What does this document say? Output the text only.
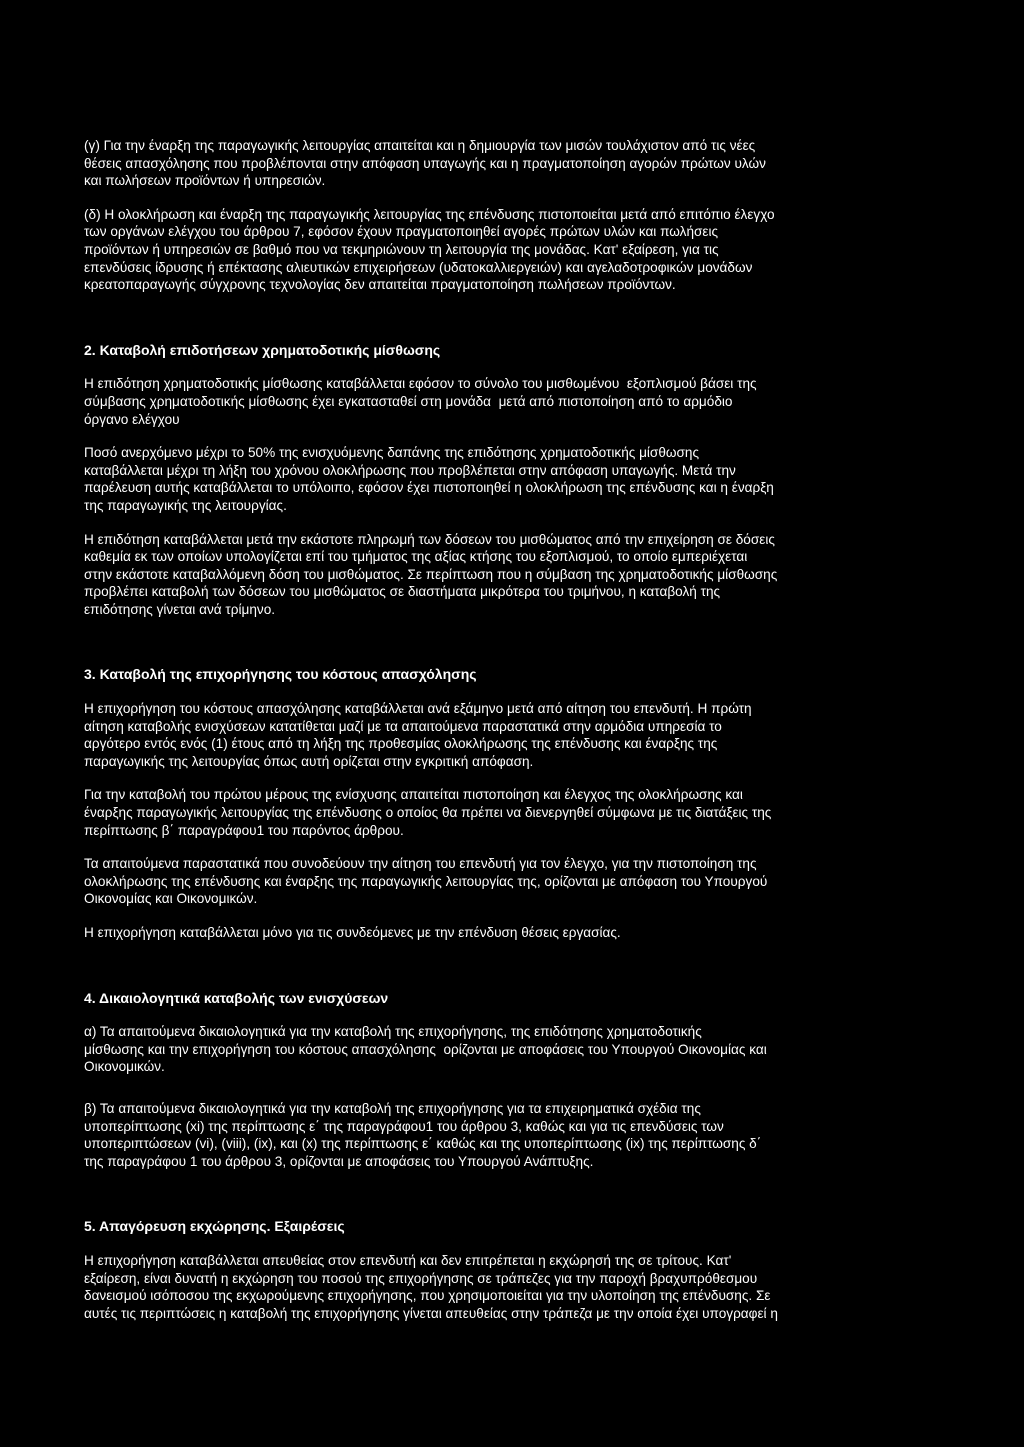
(γ) Για την έναρξη της παραγωγικής λειτουργίας απαιτείται και η δημιουργία των μισών τουλάχιστον από τις νέες
θέσεις απασχόλησης που προβλέπονται στην απόφαση υπαγωγής και η πραγματοποίηση αγορών πρώτων υλών
και πωλήσεων προϊόντων ή υπηρεσιών.

(δ) Η ολοκλήρωση και έναρξη της παραγωγικής λειτουργίας της επένδυσης πιστοποιείται μετά από επιτόπιο έλεγχο
των οργάνων ελέγχου του άρθρου 7, εφόσον έχουν πραγματοποιηθεί αγορές πρώτων υλών και πωλήσεις
προϊόντων ή υπηρεσιών σε βαθμό που να τεκμηριώνουν τη λειτουργία της μονάδας. Κατ' εξαίρεση, για τις
επενδύσεις ίδρυσης ή επέκτασης αλιευτικών επιχειρήσεων (υδατοκαλλιεργειών) και αγελαδοτροφικών μονάδων
κρεατοπαραγωγής σύγχρονης τεχνολογίας δεν απαιτείται πραγματοποίηση πωλήσεων προϊόντων.

2. Καταβολή επιδοτήσεων χρηματοδοτικής μίσθωσης

Η επιδότηση χρηματοδοτικής μίσθωσης καταβάλλεται εφόσον το σύνολο του μισθωμένου  εξοπλισμού βάσει της
σύμβασης χρηματοδοτικής μίσθωσης έχει εγκατασταθεί στη μονάδα  μετά από πιστοποίηση από το αρμόδιο
όργανο ελέγχου

Ποσό ανερχόμενο μέχρι το 50% της ενισχυόμενης δαπάνης της επιδότησης χρηματοδοτικής μίσθωσης
καταβάλλεται μέχρι τη λήξη του χρόνου ολοκλήρωσης που προβλέπεται στην απόφαση υπαγωγής. Μετά την
παρέλευση αυτής καταβάλλεται το υπόλοιπο, εφόσον έχει πιστοποιηθεί η ολοκλήρωση της επένδυσης και η έναρξη
της παραγωγικής της λειτουργίας.

Η επιδότηση καταβάλλεται μετά την εκάστοτε πληρωμή των δόσεων του μισθώματος από την επιχείρηση σε δόσεις
καθεμία εκ των οποίων υπολογίζεται επί του τμήματος της αξίας κτήσης του εξοπλισμού, το οποίο εμπεριέχεται
στην εκάστοτε καταβαλλόμενη δόση του μισθώματος. Σε περίπτωση που η σύμβαση της χρηματοδοτικής μίσθωσης
προβλέπει καταβολή των δόσεων του μισθώματος σε διαστήματα μικρότερα του τριμήνου, η καταβολή της
επιδότησης γίνεται ανά τρίμηνο.

3. Καταβολή της επιχορήγησης του κόστους απασχόλησης

Η επιχορήγηση του κόστους απασχόλησης καταβάλλεται ανά εξάμηνο μετά από αίτηση του επενδυτή. Η πρώτη
αίτηση καταβολής ενισχύσεων κατατίθεται μαζί με τα απαιτούμενα παραστατικά στην αρμόδια υπηρεσία το
αργότερο εντός ενός (1) έτους από τη λήξη της προθεσμίας ολοκλήρωσης της επένδυσης και έναρξης της
παραγωγικής της λειτουργίας όπως αυτή ορίζεται στην εγκριτική απόφαση.

Για την καταβολή του πρώτου μέρους της ενίσχυσης απαιτείται πιστοποίηση και έλεγχος της ολοκλήρωσης και
έναρξης παραγωγικής λειτουργίας της επένδυσης ο οποίος θα πρέπει να διενεργηθεί σύμφωνα με τις διατάξεις της
περίπτωσης β΄ παραγράφου1 του παρόντος άρθρου.

Τα απαιτούμενα παραστατικά που συνοδεύουν την αίτηση του επενδυτή για τον έλεγχο, για την πιστοποίηση της
ολοκλήρωσης της επένδυσης και έναρξης της παραγωγικής λειτουργίας της, ορίζονται με απόφαση του Υπουργού
Οικονομίας και Οικονομικών.

Η επιχορήγηση καταβάλλεται μόνο για τις συνδεόμενες με την επένδυση θέσεις εργασίας.

4. Δικαιολογητικά καταβολής των ενισχύσεων

α) Τα απαιτούμενα δικαιολογητικά για την καταβολή της επιχορήγησης, της επιδότησης χρηματοδοτικής
μίσθωσης και την επιχορήγηση του κόστους απασχόλησης  ορίζονται με αποφάσεις του Υπουργού Οικονομίας και
Οικονομικών.

β) Τα απαιτούμενα δικαιολογητικά για την καταβολή της επιχορήγησης για τα επιχειρηματικά σχέδια της
υποπερίπτωσης (xi) της περίπτωσης ε΄ της παραγράφου1 του άρθρου 3, καθώς και για τις επενδύσεις των
υποπεριπτώσεων (vi), (viii), (ix), και (x) της περίπτωσης ε΄ καθώς και της υποπερίπτωσης (ix) της περίπτωσης δ΄
της παραγράφου 1 του άρθρου 3, ορίζονται με αποφάσεις του Υπουργού Ανάπτυξης.

5. Απαγόρευση εκχώρησης. Εξαιρέσεις

Η επιχορήγηση καταβάλλεται απευθείας στον επενδυτή και δεν επιτρέπεται η εκχώρησή της σε τρίτους. Κατ'
εξαίρεση, είναι δυνατή η εκχώρηση του ποσού της επιχορήγησης σε τράπεζες για την παροχή βραχυπρόθεσμου
δανεισμού ισόποσου της εκχωρούμενης επιχορήγησης, που χρησιμοποιείται για την υλοποίηση της επένδυσης. Σε
αυτές τις περιπτώσεις η καταβολή της επιχορήγησης γίνεται απευθείας στην τράπεζα με την οποία έχει υπογραφεί η
